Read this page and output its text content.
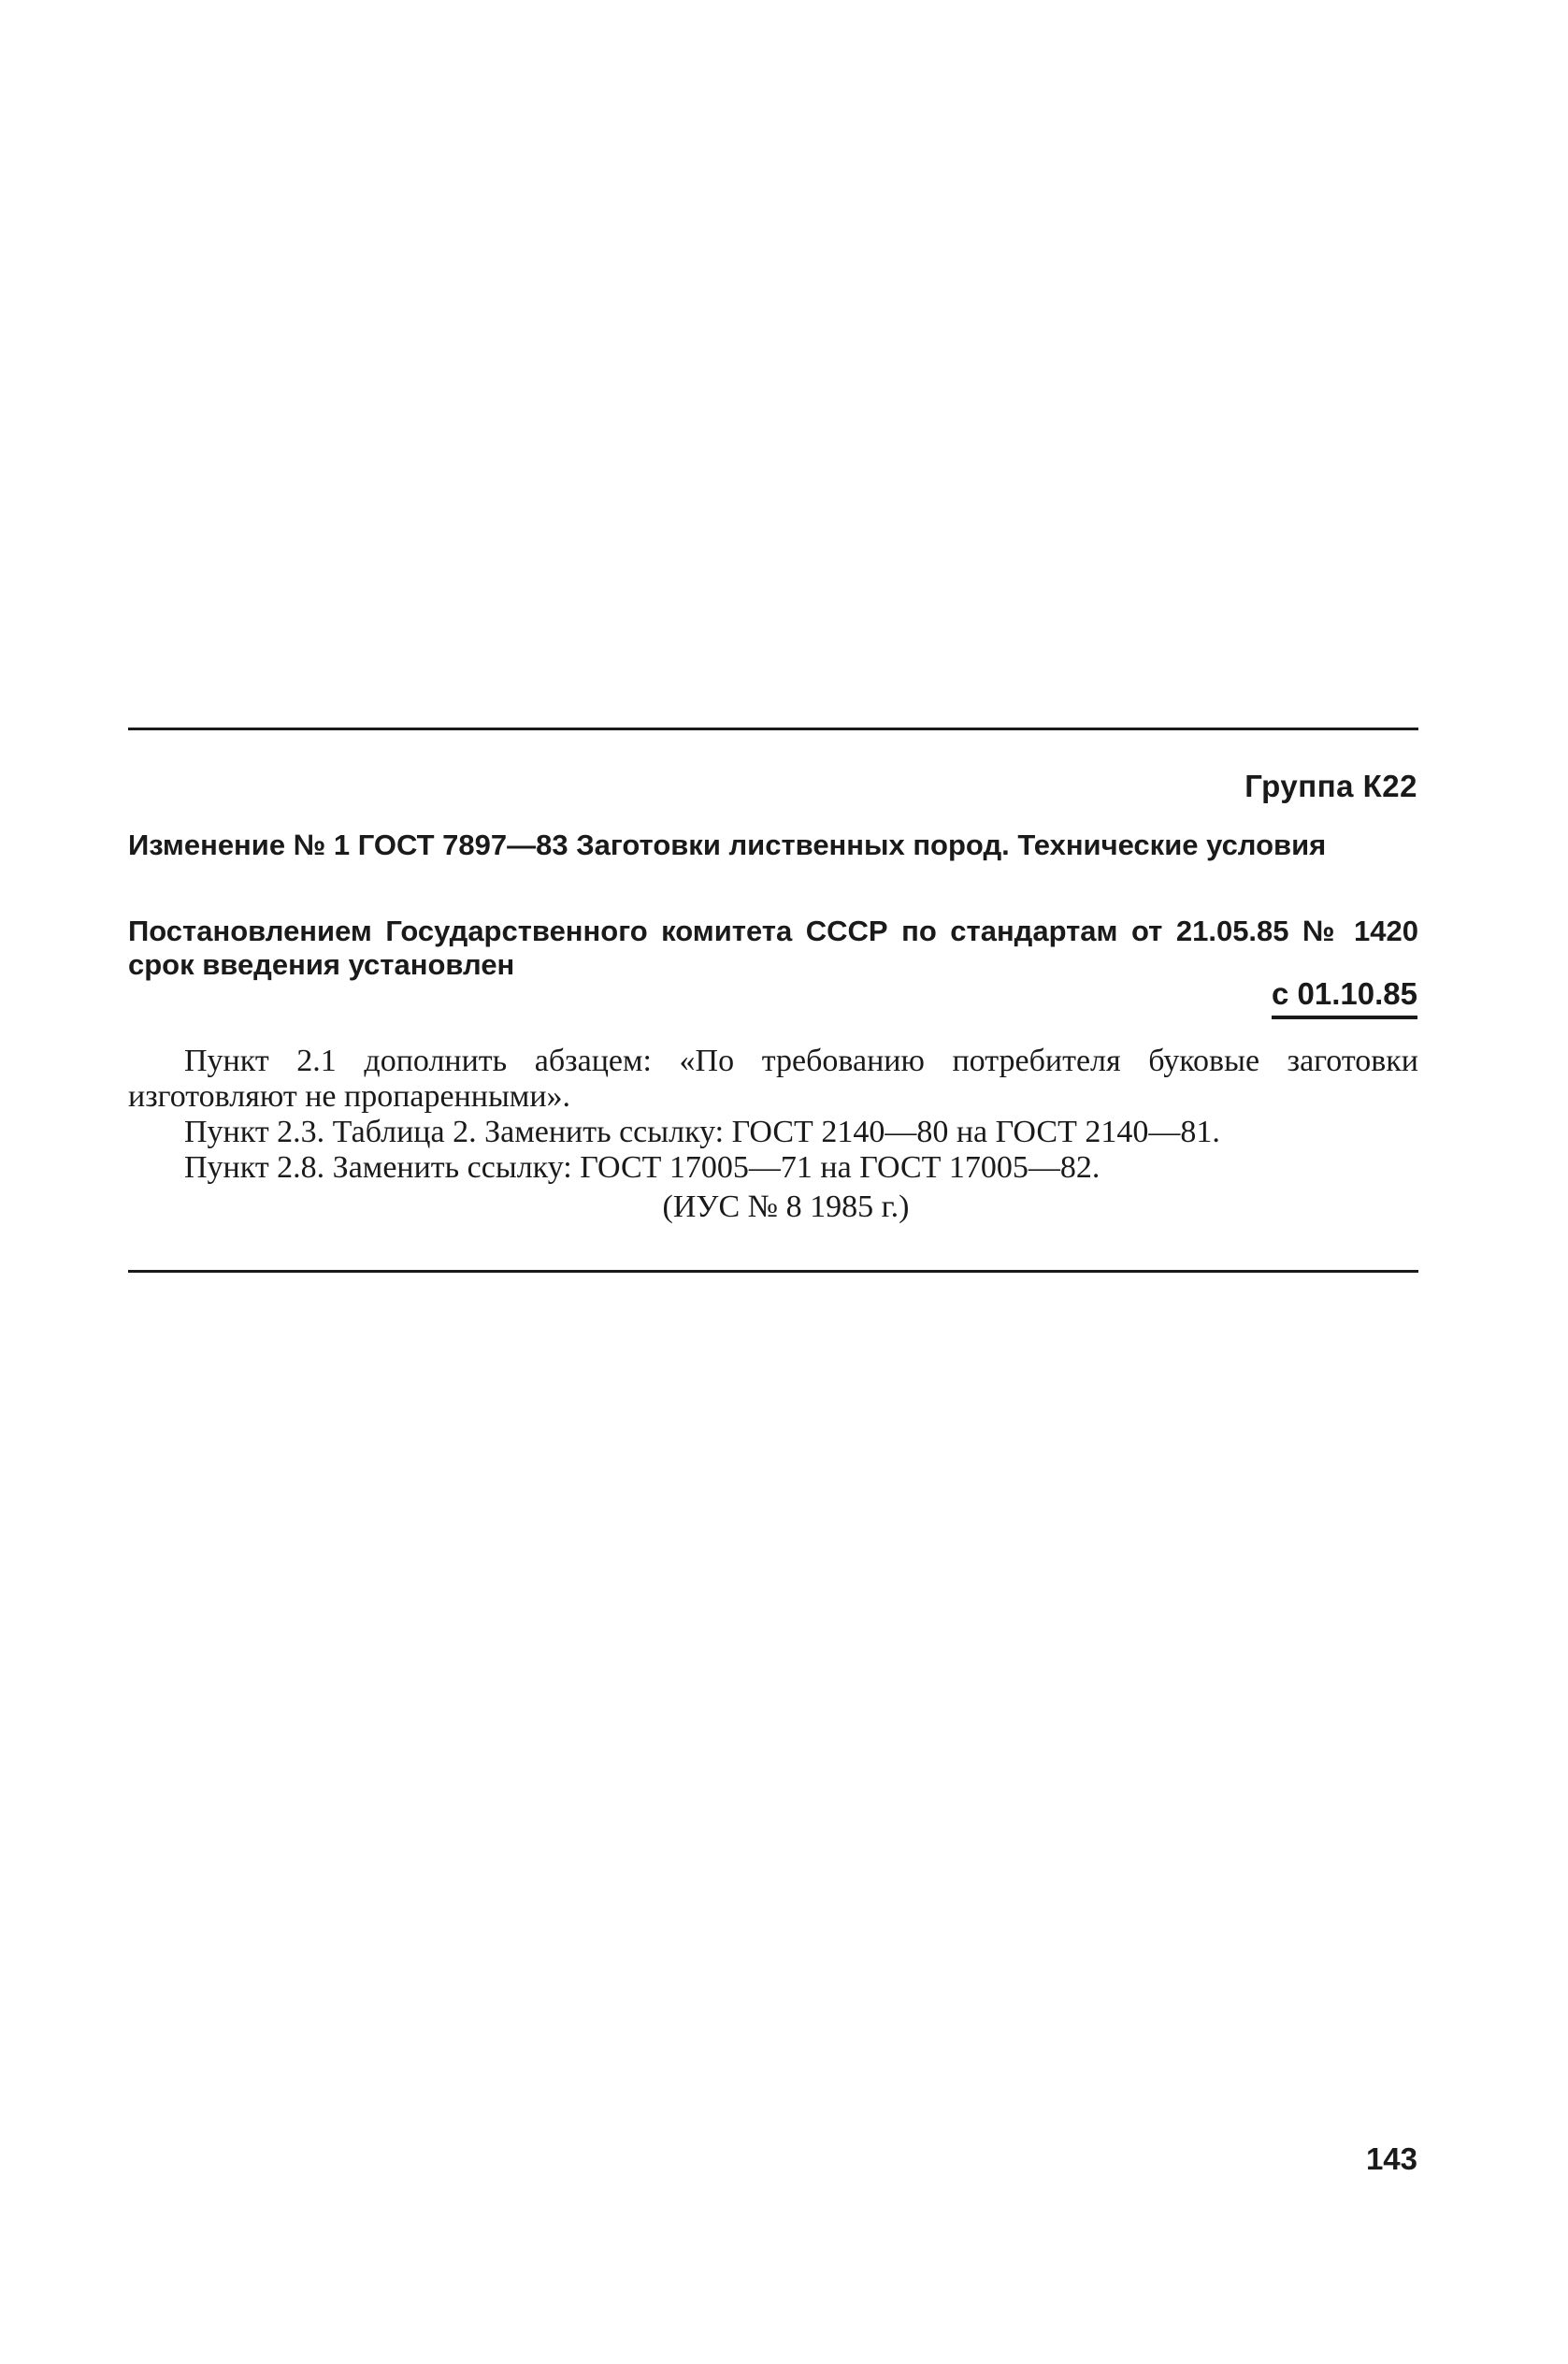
Группа К22
Изменение № 1 ГОСТ 7897—83 Заготовки лиственных пород. Технические условия
Постановлением Государственного комитета СССР по стандартам от 21.05.85 № 1420 срок введения установлен
с 01.10.85

Пункт 2.1 дополнить абзацем: «По требованию потребителя буковые заготовки изготовляют не пропаренными».

Пункт 2.3. Таблица 2. Заменить ссылку: ГОСТ 2140—80 на ГОСТ 2140—81.

Пункт 2.8. Заменить ссылку: ГОСТ 17005—71 на ГОСТ 17005—82.

(ИУС № 8 1985 г.)
143
